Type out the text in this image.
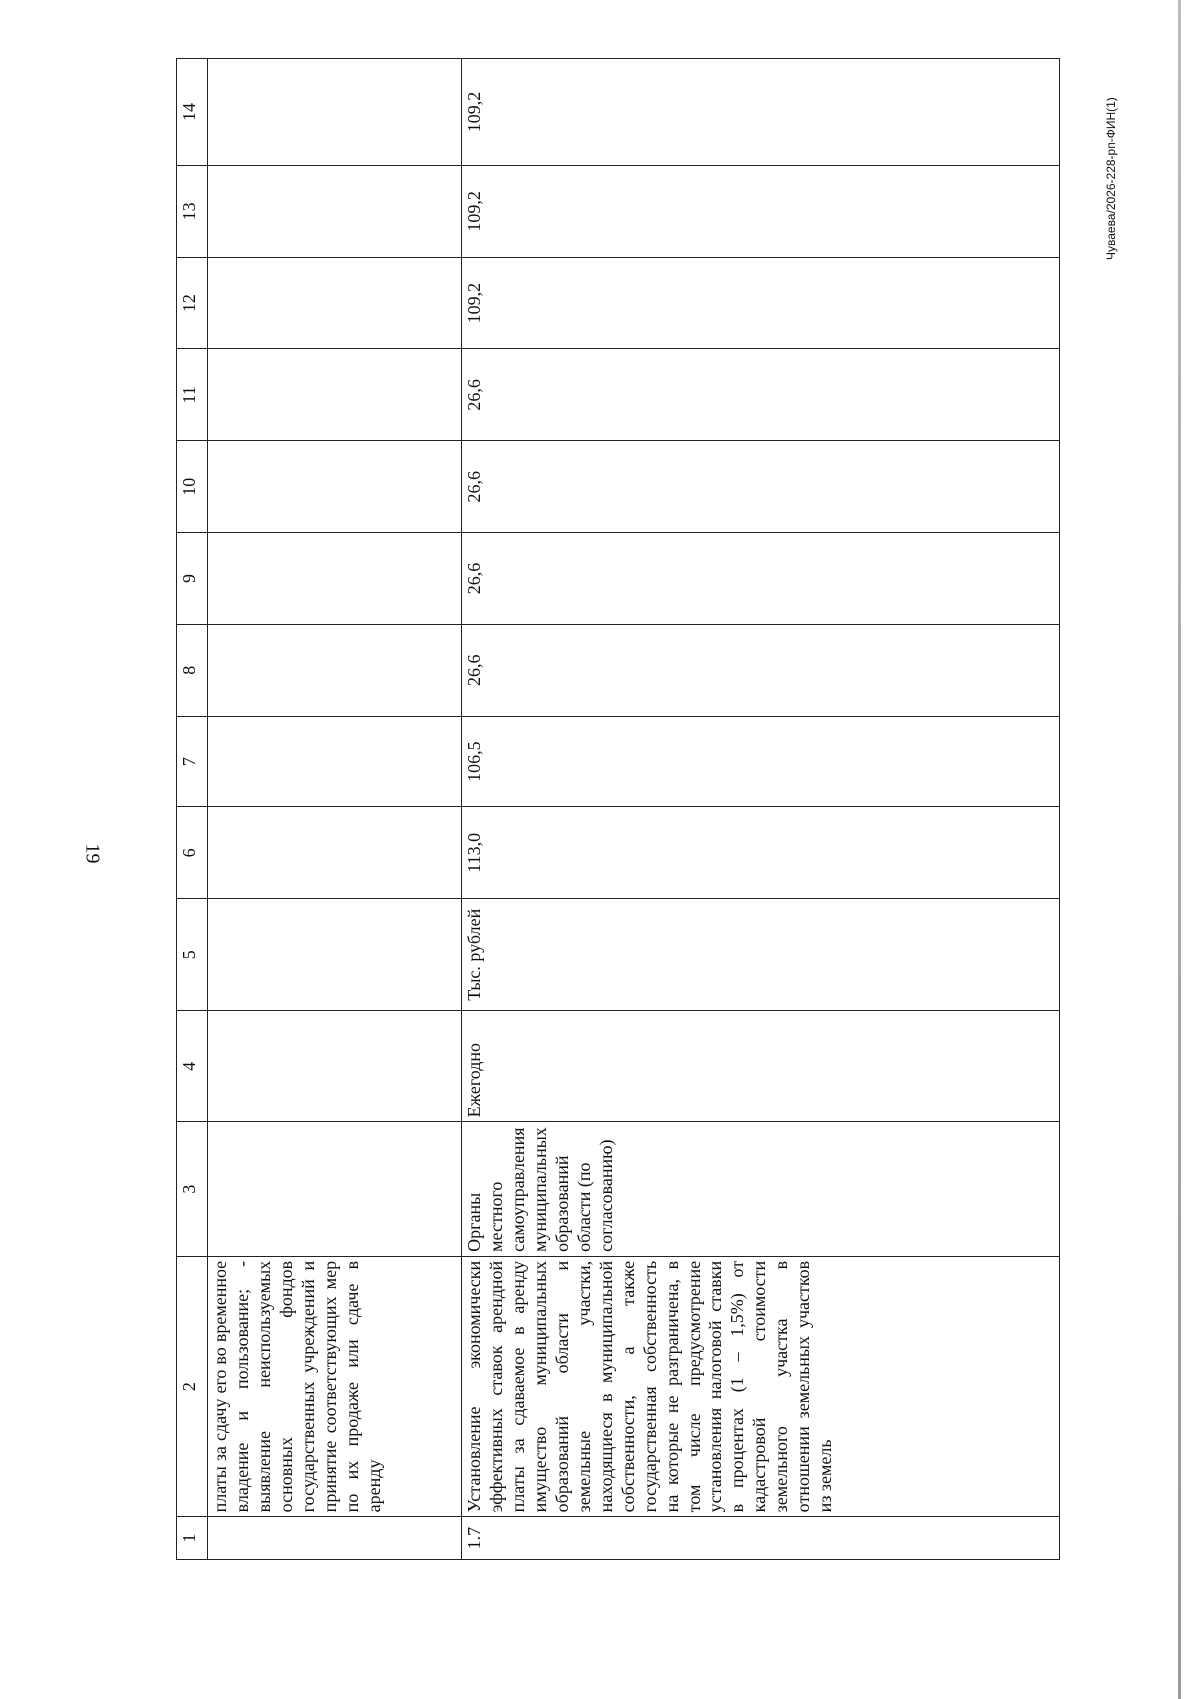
19
Чуваева/2026-228-рп-ФИН(1)
1	2	3	4	5	6	7	8	9	10	11	12	13	14
	платы за сдачу его во временное владение и пользование; - выявление неиспользуемых основных фондов государственных учреждений и принятие соответствующих мер по их продаже или сдаче в аренду												
1.7	Установление экономически эффективных ставок арендной платы за сдаваемое в аренду имущество муниципальных образований области и земельные участки, находящиеся в муниципальной собственности, а также государственная собственность на которые не разграничена, в том числе предусмотрение установления налоговой ставки в процентах (1 – 1,5%) от кадастровой стоимости земельного участка в отношении земельных участков из земель	Органы местного самоуправления муниципальных образований области (по согласованию)	Ежегодно	Тыс. рублей	113,0	106,5	26,6	26,6	26,6	26,6	109,2	109,2	109,2
